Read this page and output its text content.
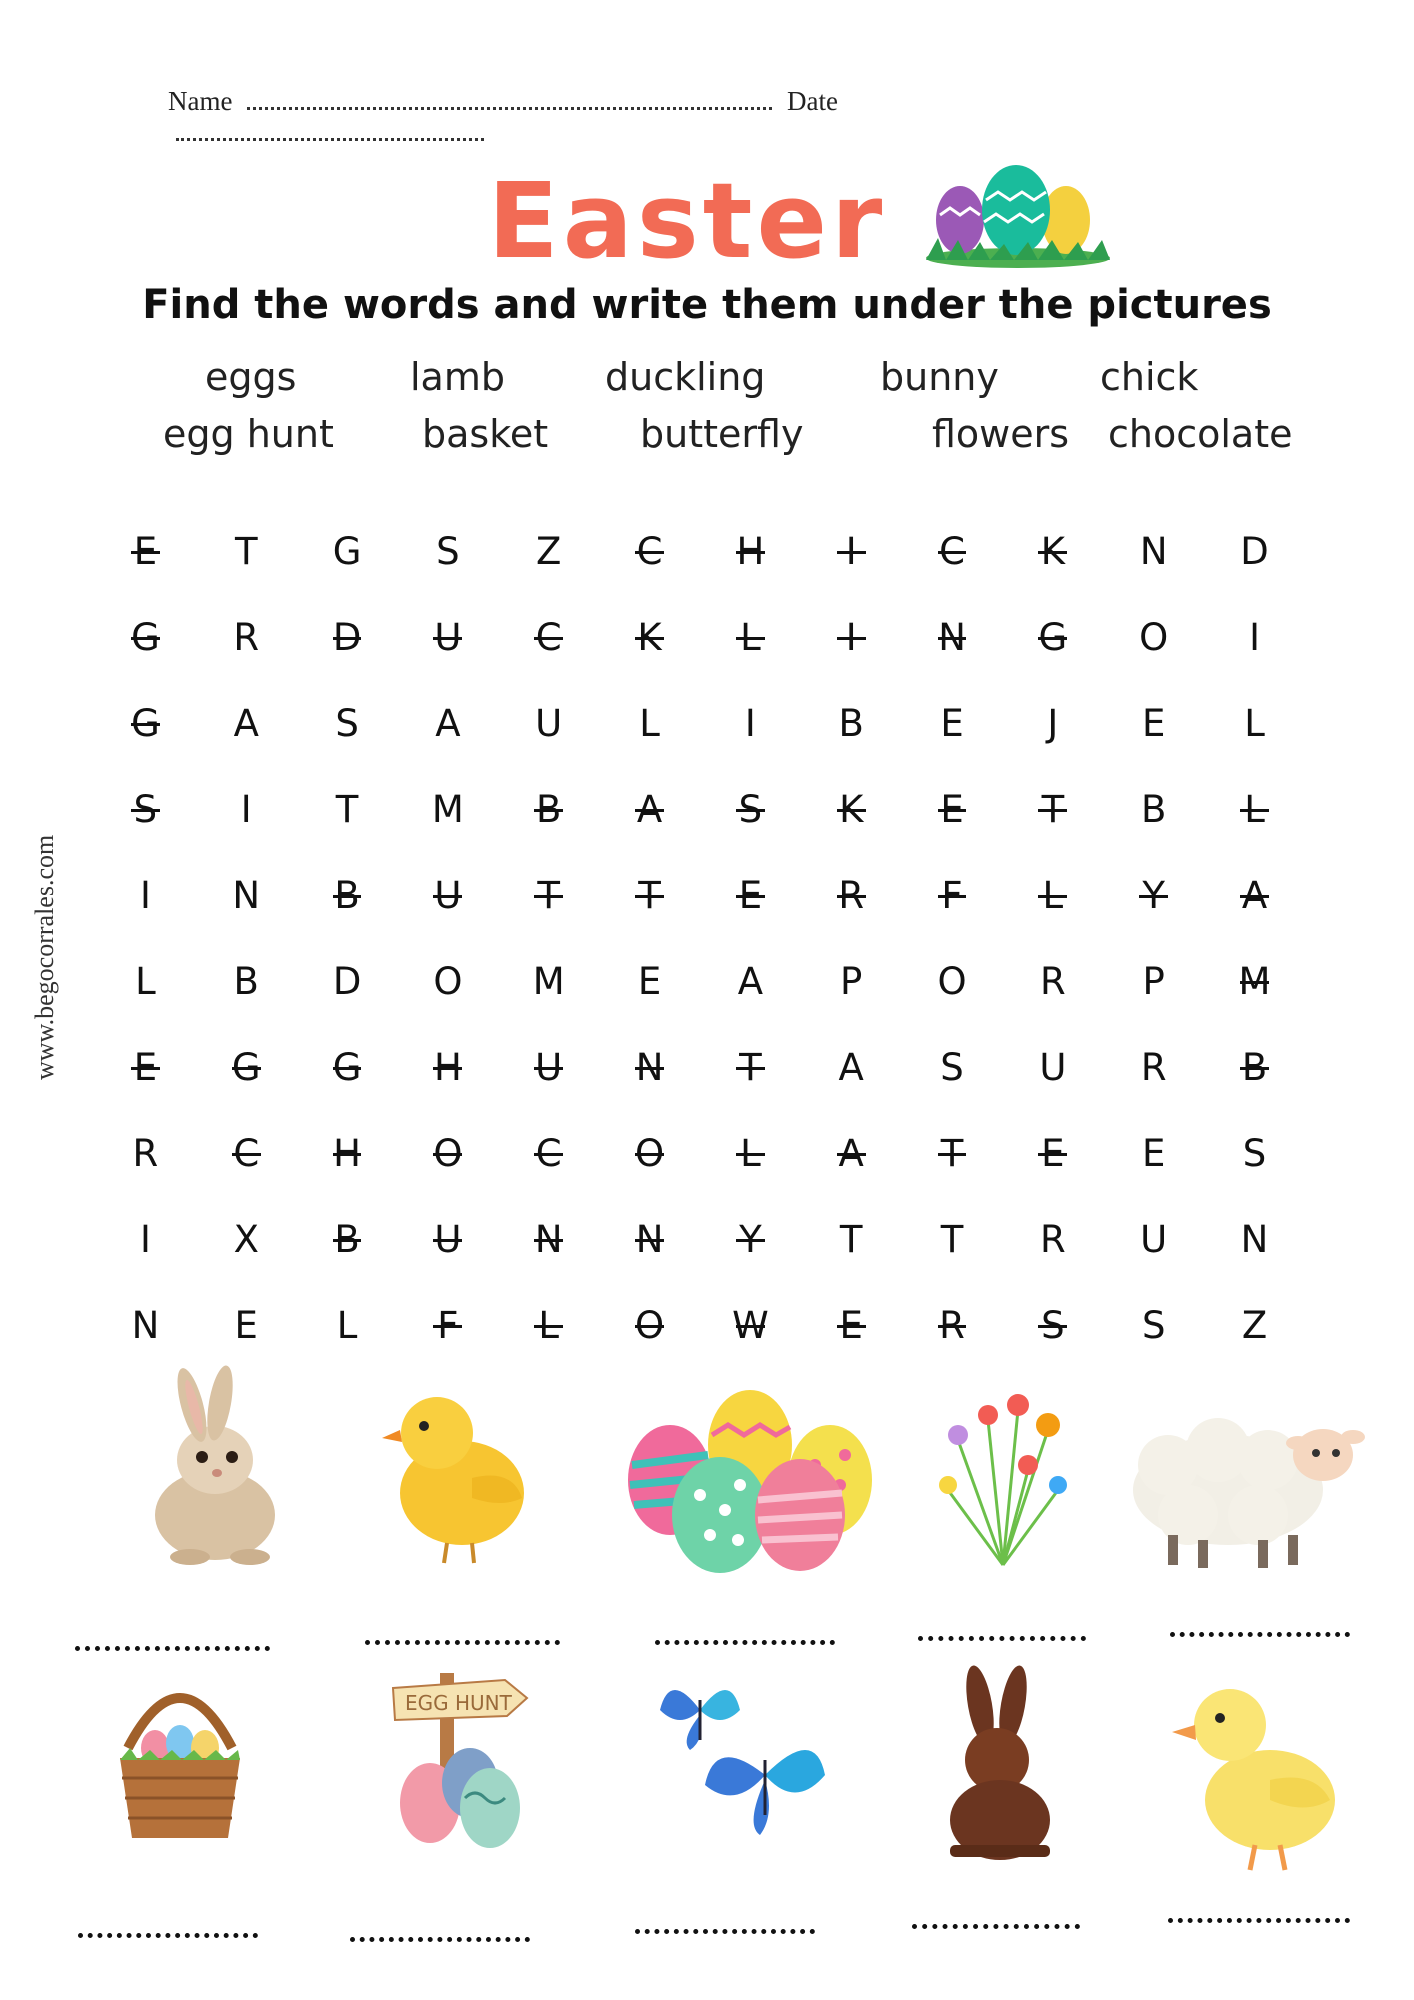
Name	Date
Easter
Find the words and write them under the pictures
eggs	lamb	duckling	bunny	chick
egg hunt basket butterfly	flowers chocolate
www.begocorrales.com
E	T	G	S	Z	C	H	I	C	K	N	D
G	R	D	U	C	K	L	I	N	G	O	I
G	A	S	A	U	L	I	B	E	J	E	L
S	I	T	M	B	A	S	K	E	T	B	L
I	N	B	U	T	T	E	R	F	L	Y	A
L	B	D	O	M	E	A	P	O	R	P	M
E	G	G	H	U	N	T	A	S	U	R	B
R	C	H	O	C	O	L	A	T	E	E	S
I	X	B	U	N	N	Y	T	T	R	U	N
N	E	L	F	L	O	W	E	R	S	S	Z
EGG HUNT
